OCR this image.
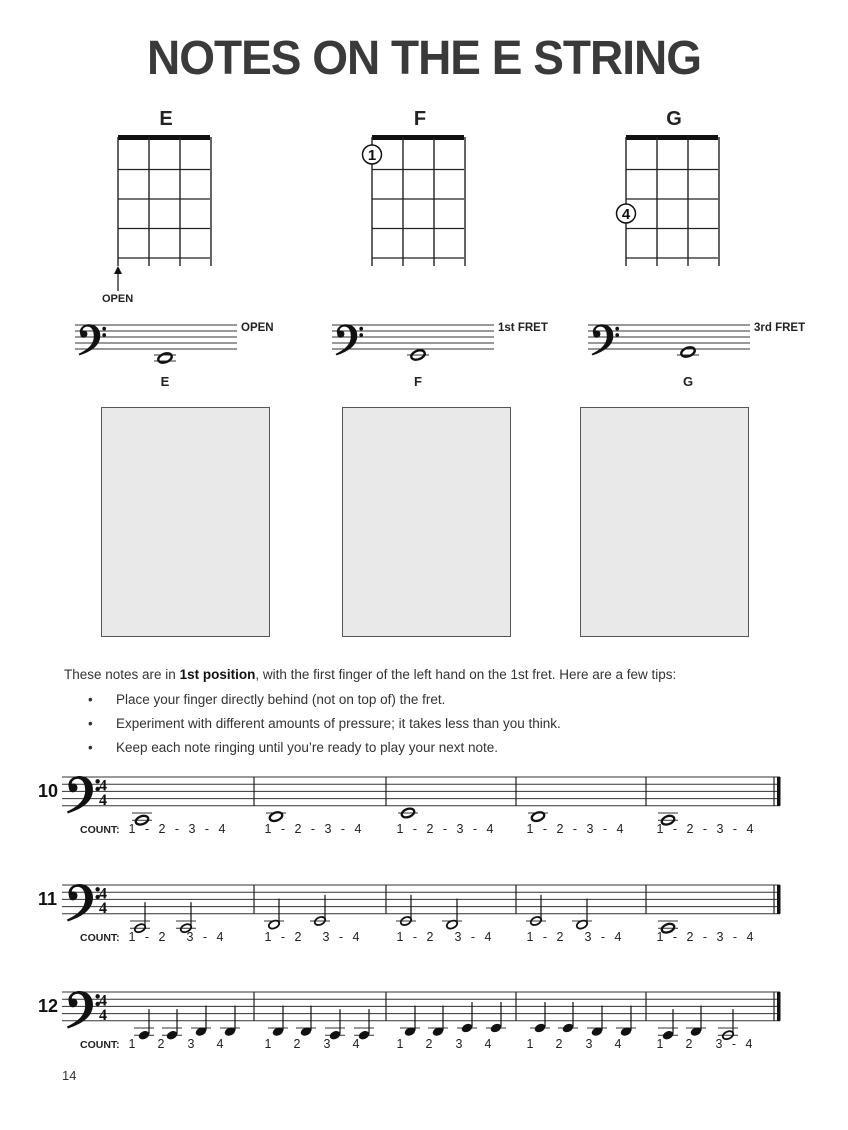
NOTES ON THE E STRING
E
OPEN
F
1
G
4
OPEN
E
1st FRET
F
3rd FRET
G
These notes are in 1st position, with the first finger of the left hand on the 1st fret. Here are a few tips:
• Place your finger directly behind (not on top of) the fret.
• Experiment with different amounts of pressure; it takes less than you think.
• Keep each note ringing until you’re ready to play your next note.
10
1 - 2 - 3 - 4	1 - 2 - 3 - 4	1 - 2 - 3 - 4	1 - 2 - 3 - 4	1 - 2 - 3 - 4
4
4
COUNT:
11
1 - 2	3 - 4	1 - 2	3 - 4	1 - 2	3 - 4	1 - 2	3 - 4	1 - 2 - 3 - 4
4
4
COUNT:
12
1	2	3	4	1	2	3	4	1	2	3	4	1	2	3	4	1	2	3 - 4
4
4
COUNT:
14
